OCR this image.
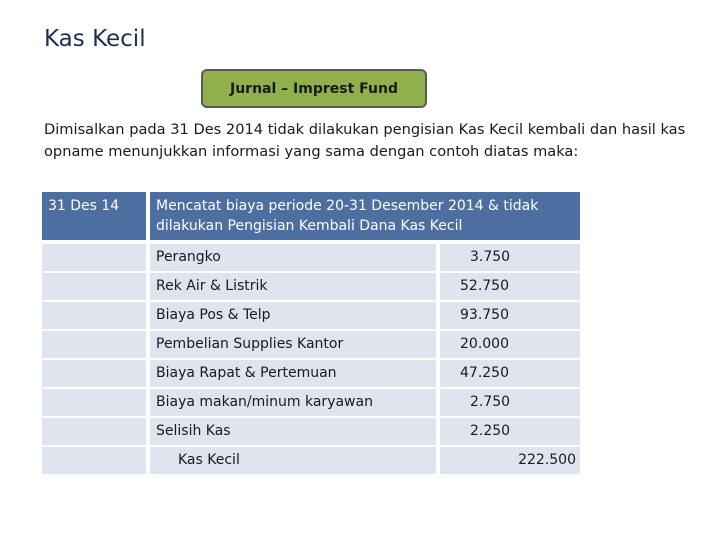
Kas Kecil
Jurnal – Imprest Fund
Dimisalkan pada 31 Des 2014 tidak dilakukan pengisian Kas Kecil kembali dan hasil kas
opname menunjukkan informasi yang sama dengan contoh diatas maka:
31 Des 14	Mencatat biaya periode 20-31 Desember 2014 & tidak
dilakukan Pengisian Kembali Dana Kas Kecil
Perangko	3.750
Rek Air & Listrik	52.750
Biaya Pos & Telp	93.750
Pembelian Supplies Kantor	20.000
Biaya Rapat & Pertemuan	47.250
Biaya makan/minum karyawan	2.750
Selisih Kas	2.250
Kas Kecil	222.500
